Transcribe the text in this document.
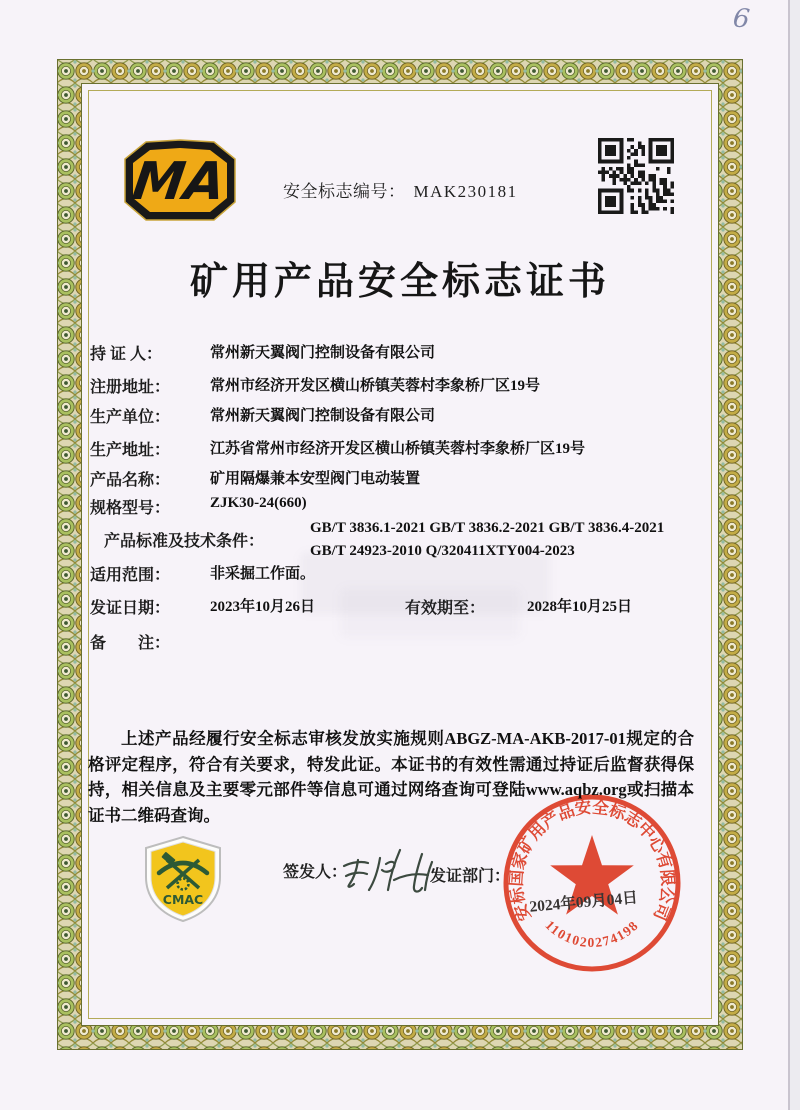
6
MA	安全标志编号： MAK230181
矿用产品安全标志证书
持 证 人：	常州新天翼阀门控制设备有限公司
注册地址：	常州市经济开发区横山桥镇芙蓉村李象桥厂区19号
生产单位：	常州新天翼阀门控制设备有限公司
生产地址：	江苏省常州市经济开发区横山桥镇芙蓉村李象桥厂区19号
产品名称：	矿用隔爆兼本安型阀门电动装置
规格型号：	ZJK30-24(660)
产品标准及技术条件：
GB/T 3836.1-2021 GB/T 3836.2-2021 GB/T 3836.4-2021 GB/T 24923-2010 Q/320411XTY004-2023
适用范围：	非采掘工作面。
发证日期：	2023年10月26日	有效期至：	2028年10月25日
备　　注：
上述产品经履行安全标志审核发放实施规则ABGZ-MA-AKB-2017-01规定的合格评定程序，符合有关要求，特发此证。本证书的有效性需通过持证后监督获得保持，相关信息及主要零元部件等信息可通过网络查询可登陆www.aqbz.org或扫描本证书二维码查询。
CMAC
签发人：	发证部门：
安标国家矿用产品安全标志中心有限公司
2024年09月04日
1101020274198
